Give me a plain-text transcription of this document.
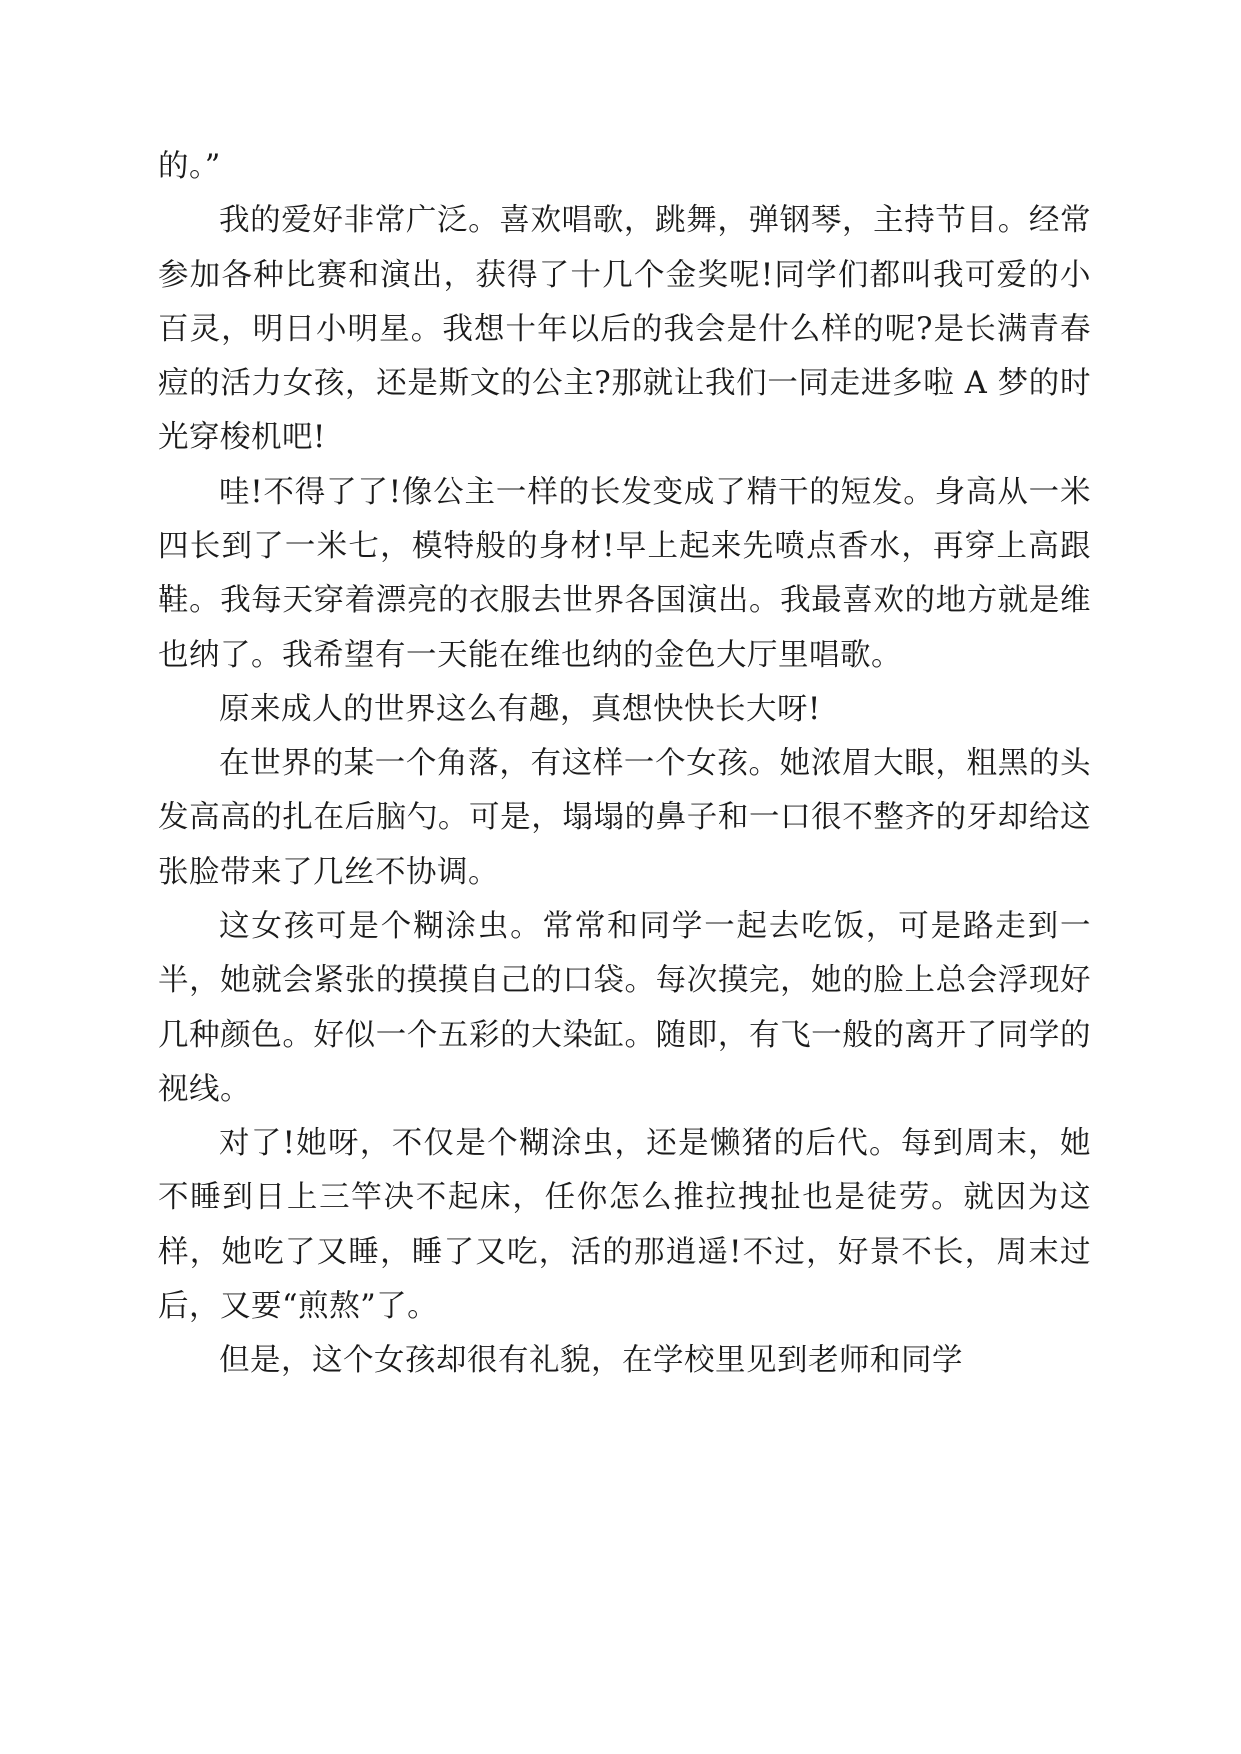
的。”

我的爱好非常广泛。喜欢唱歌，跳舞，弹钢琴，主持节目。经常参加各种比赛和演出，获得了十几个金奖呢!同学们都叫我可爱的小百灵，明日小明星。我想十年以后的我会是什么样的呢?是长满青春痘的活力女孩，还是斯文的公主?那就让我们一同走进多啦 A 梦的时光穿梭机吧!

哇!不得了了!像公主一样的长发变成了精干的短发。身高从一米四长到了一米七，模特般的身材!早上起来先喷点香水，再穿上高跟鞋。我每天穿着漂亮的衣服去世界各国演出。我最喜欢的地方就是维也纳了。我希望有一天能在维也纳的金色大厅里唱歌。

原来成人的世界这么有趣，真想快快长大呀!

在世界的某一个角落，有这样一个女孩。她浓眉大眼，粗黑的头发高高的扎在后脑勺。可是，塌塌的鼻子和一口很不整齐的牙却给这张脸带来了几丝不协调。

这女孩可是个糊涂虫。常常和同学一起去吃饭，可是路走到一半，她就会紧张的摸摸自己的口袋。每次摸完，她的脸上总会浮现好几种颜色。好似一个五彩的大染缸。随即，有飞一般的离开了同学的视线。

对了!她呀，不仅是个糊涂虫，还是懒猪的后代。每到周末，她不睡到日上三竿决不起床，任你怎么推拉拽扯也是徒劳。就因为这样，她吃了又睡，睡了又吃，活的那逍遥!不过，好景不长，周末过后，又要“煎熬”了。

但是，这个女孩却很有礼貌，在学校里见到老师和同学
